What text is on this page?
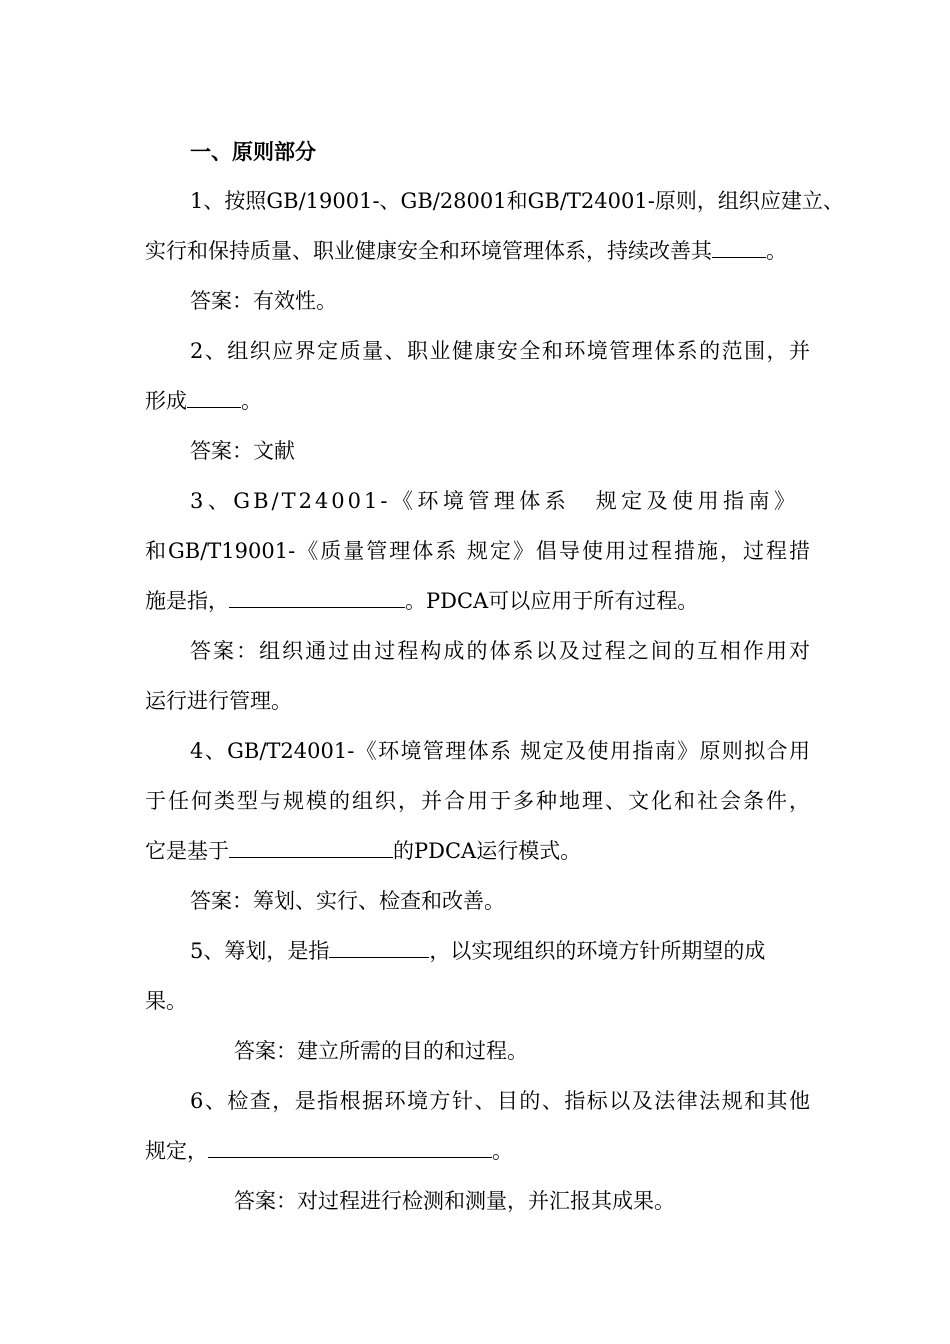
一、原则部分
1、按照GB/19001-、GB/28001和GB/T24001-原则，组织应建立、
实行和保持质量、职业健康安全和环境管理体系，持续改善其	。
答案：有效性。
2、组织应界定质量、职业健康安全和环境管理体系的范围，并
形成	。
答案：文献
3、GB/T24001-《环境管理体系　规定及使用指南》
和GB/T19001-《质量管理体系 规定》倡导使用过程措施，过程措
施是指，	。PDCA可以应用于所有过程。
答案：组织通过由过程构成的体系以及过程之间的互相作用对
运行进行管理。
4、GB/T24001-《环境管理体系 规定及使用指南》原则拟合用
于任何类型与规模的组织，并合用于多种地理、文化和社会条件，
它是基于	的PDCA运行模式。
答案：筹划、实行、检查和改善。
5、筹划，是指	，以实现组织的环境方针所期望的成
果。
答案：建立所需的目的和过程。
6、检查，是指根据环境方针、目的、指标以及法律法规和其他
规定，	。
答案：对过程进行检测和测量，并汇报其成果。
